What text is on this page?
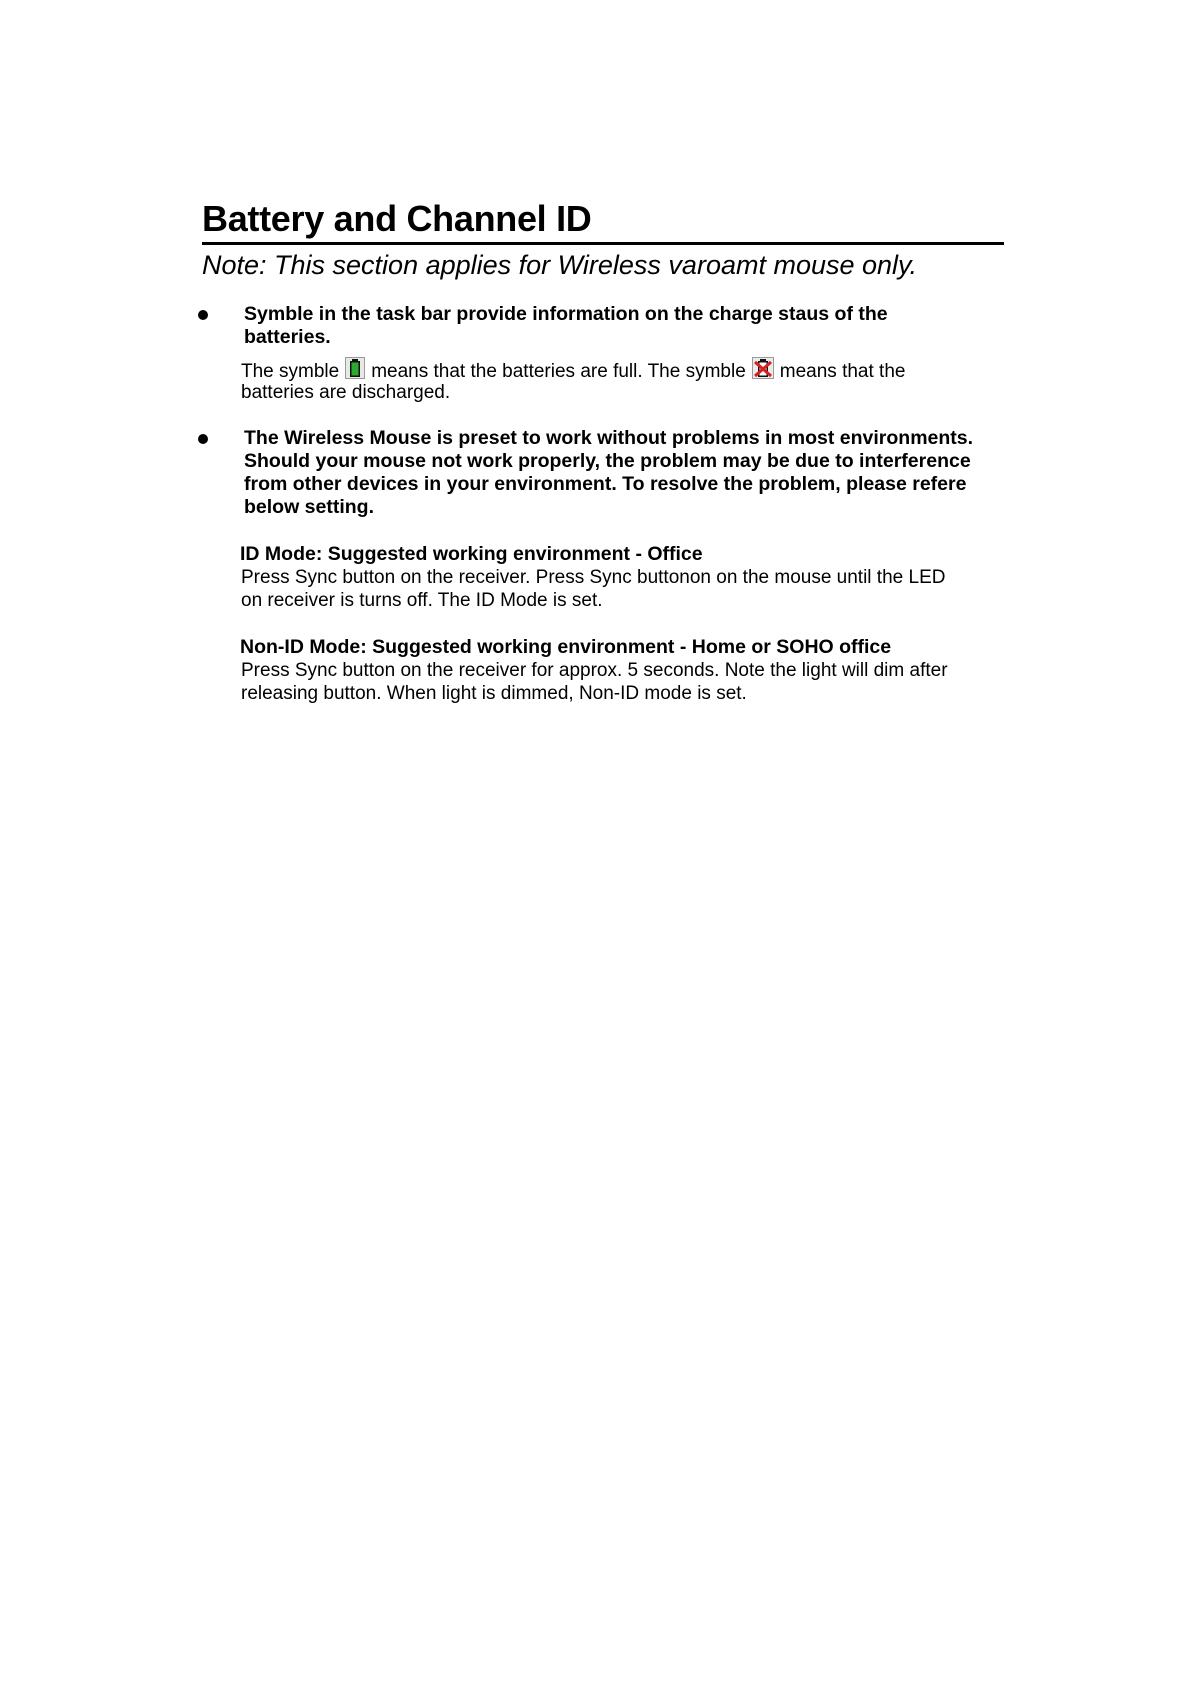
Battery and Channel ID
Note: This section applies for Wireless varoamt mouse only.
Symble in the task bar provide information on the charge staus of the
batteries.
The symble means that the batteries are full. The symble means that the
batteries are discharged.
The Wireless Mouse is preset to work without problems in most environments.
Should your mouse not work properly, the problem may be due to interference
from other devices in your environment. To resolve the problem, please refere
below setting.
ID Mode: Suggested working environment - Office
Press Sync button on the receiver. Press Sync buttonon on the mouse until the LED
on receiver is turns off. The ID Mode is set.
Non-ID Mode: Suggested working environment - Home or SOHO office
Press Sync button on the receiver for approx. 5 seconds. Note the light will dim after
releasing button. When light is dimmed, Non-ID mode is set.
